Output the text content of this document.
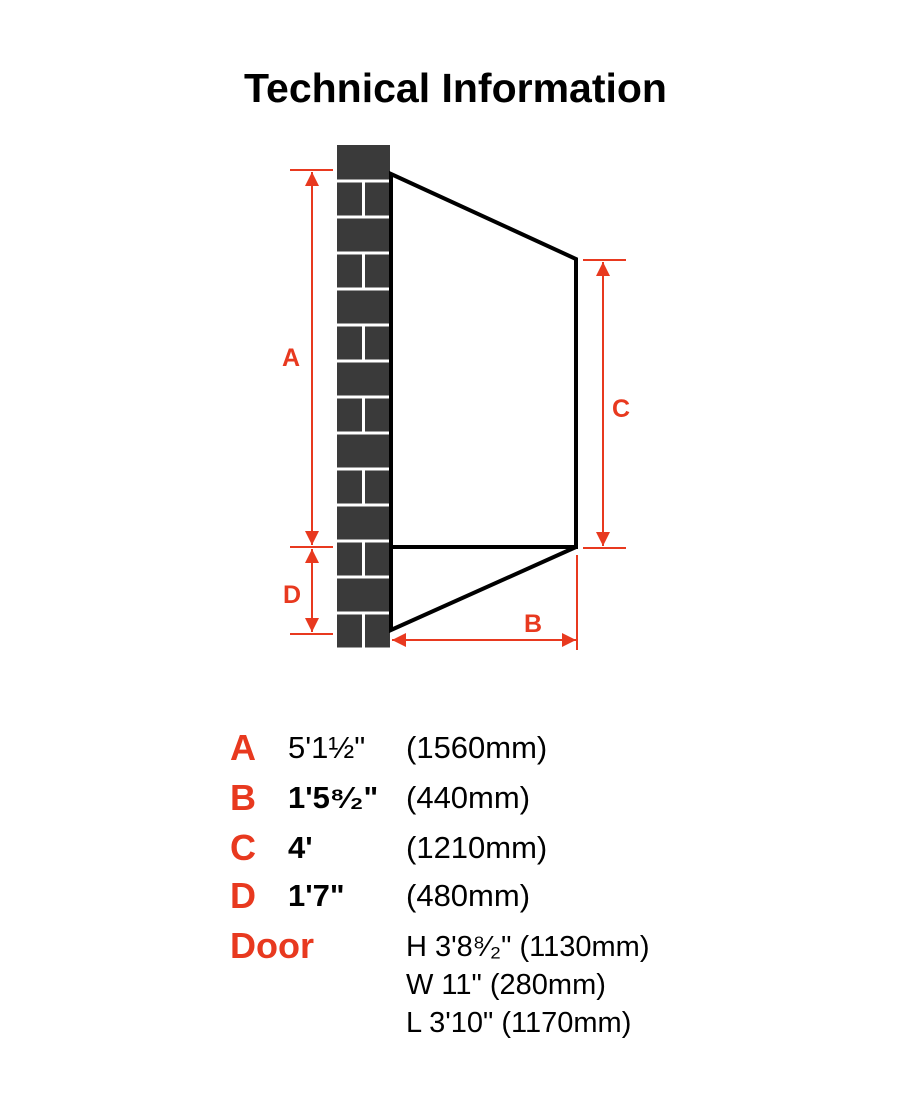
Technical Information
A
C
D
B
A 5'1½" (1560mm)
B 1'5⁸⁄₂" (440mm)
C 4'	(1210mm)
D 1'7" (480mm)
Door	H 3'8⁸⁄₂" (1130mm)
W 11" (280mm)
L 3'10" (1170mm)
